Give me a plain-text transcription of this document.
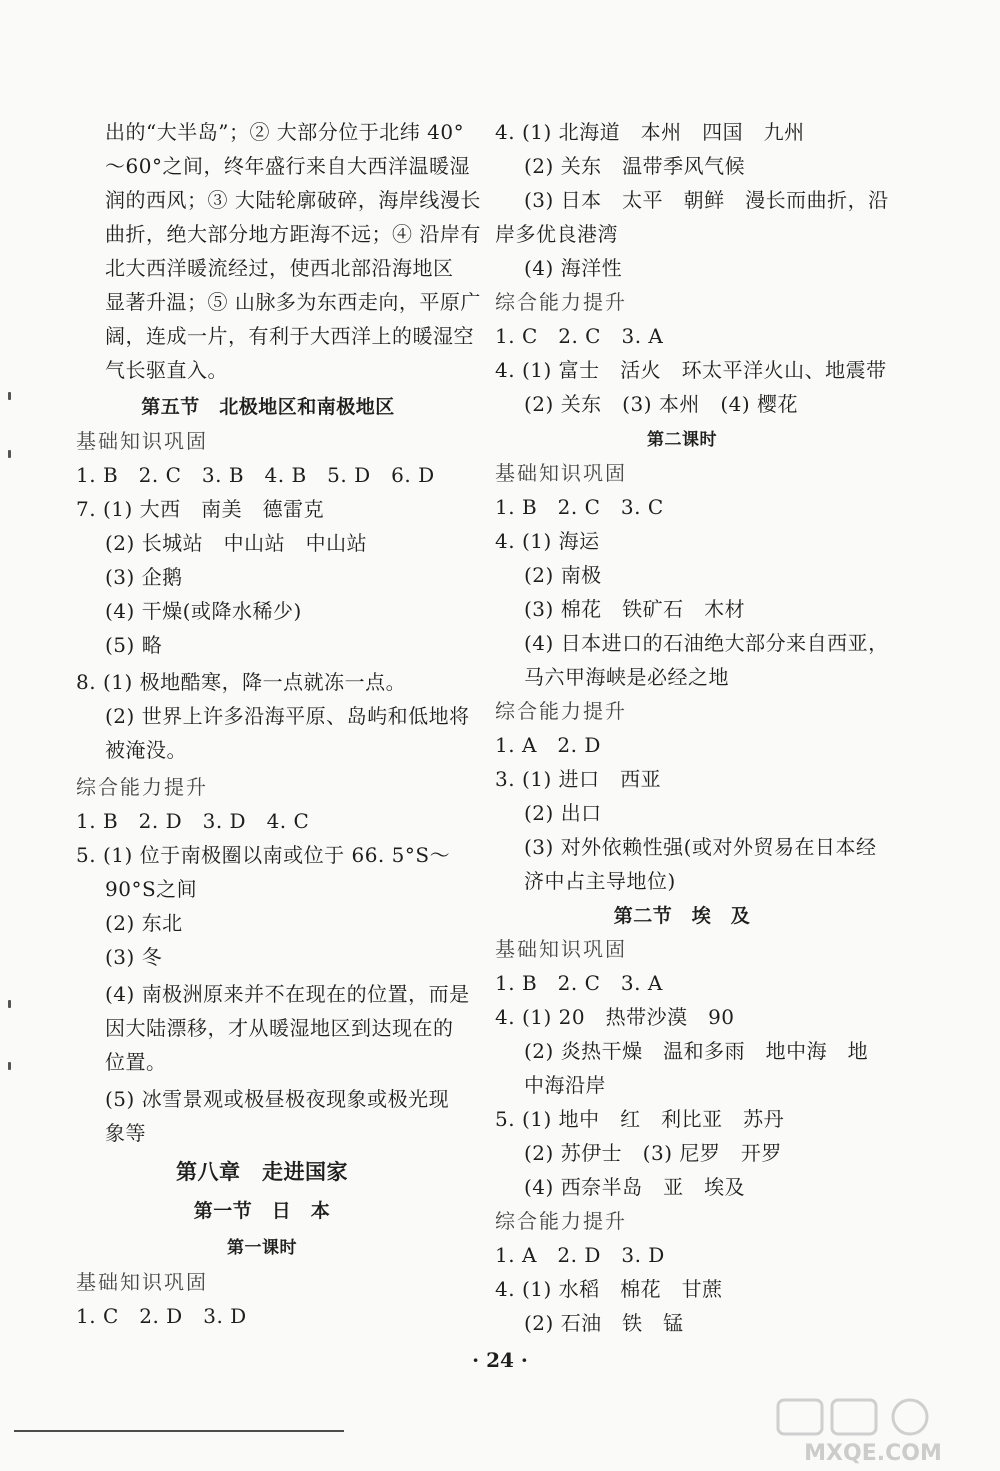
出的“大半岛”；② 大部分位于北纬 40°
～60°之间，终年盛行来自大西洋温暖湿
润的西风；③ 大陆轮廓破碎，海岸线漫长
曲折，绝大部分地方距海不远；④ 沿岸有
北大西洋暖流经过，使西北部沿海地区
显著升温；⑤ 山脉多为东西走向，平原广
阔，连成一片，有利于大西洋上的暖湿空
气长驱直入。
第五节　北极地区和南极地区
基础知识巩固
1. B　2. C　3. B　4. B　5. D　6. D
7. (1) 大西　南美　德雷克
(2) 长城站　中山站　中山站
(3) 企鹅
(4) 干燥(或降水稀少)
(5) 略
8. (1) 极地酷寒，降一点就冻一点。
(2) 世界上许多沿海平原、岛屿和低地将
被淹没。
综合能力提升
1. B　2. D　3. D　4. C
5. (1) 位于南极圈以南或位于 66. 5°S～
90°S之间
(2) 东北
(3) 冬
(4) 南极洲原来并不在现在的位置，而是
因大陆漂移，才从暖湿地区到达现在的
位置。
(5) 冰雪景观或极昼极夜现象或极光现
象等
第八章　走进国家
第一节　日　本
第一课时
基础知识巩固
1. C　2. D　3. D
4. (1) 北海道　本州　四国　九州
(2) 关东　温带季风气候
(3) 日本　太平　朝鲜　漫长而曲折，沿
岸多优良港湾
(4) 海洋性
综合能力提升
1. C　2. C　3. A
4. (1) 富士　活火　环太平洋火山、地震带
(2) 关东　(3) 本州　(4) 樱花
第二课时
基础知识巩固
1. B　2. C　3. C
4. (1) 海运
(2) 南极
(3) 棉花　铁矿石　木材
(4) 日本进口的石油绝大部分来自西亚，
马六甲海峡是必经之地
综合能力提升
1. A　2. D
3. (1) 进口　西亚
(2) 出口
(3) 对外依赖性强(或对外贸易在日本经
济中占主导地位)
第二节　埃　及
基础知识巩固
1. B　2. C　3. A
4. (1) 20　热带沙漠　90
(2) 炎热干燥　温和多雨　地中海　地
中海沿岸
5. (1) 地中　红　利比亚　苏丹
(2) 苏伊士　(3) 尼罗　开罗
(4) 西奈半岛　亚　埃及
综合能力提升
1. A　2. D　3. D
4. (1) 水稻　棉花　甘蔗
(2) 石油　铁　锰
· 24 ·
MXQE.COM
